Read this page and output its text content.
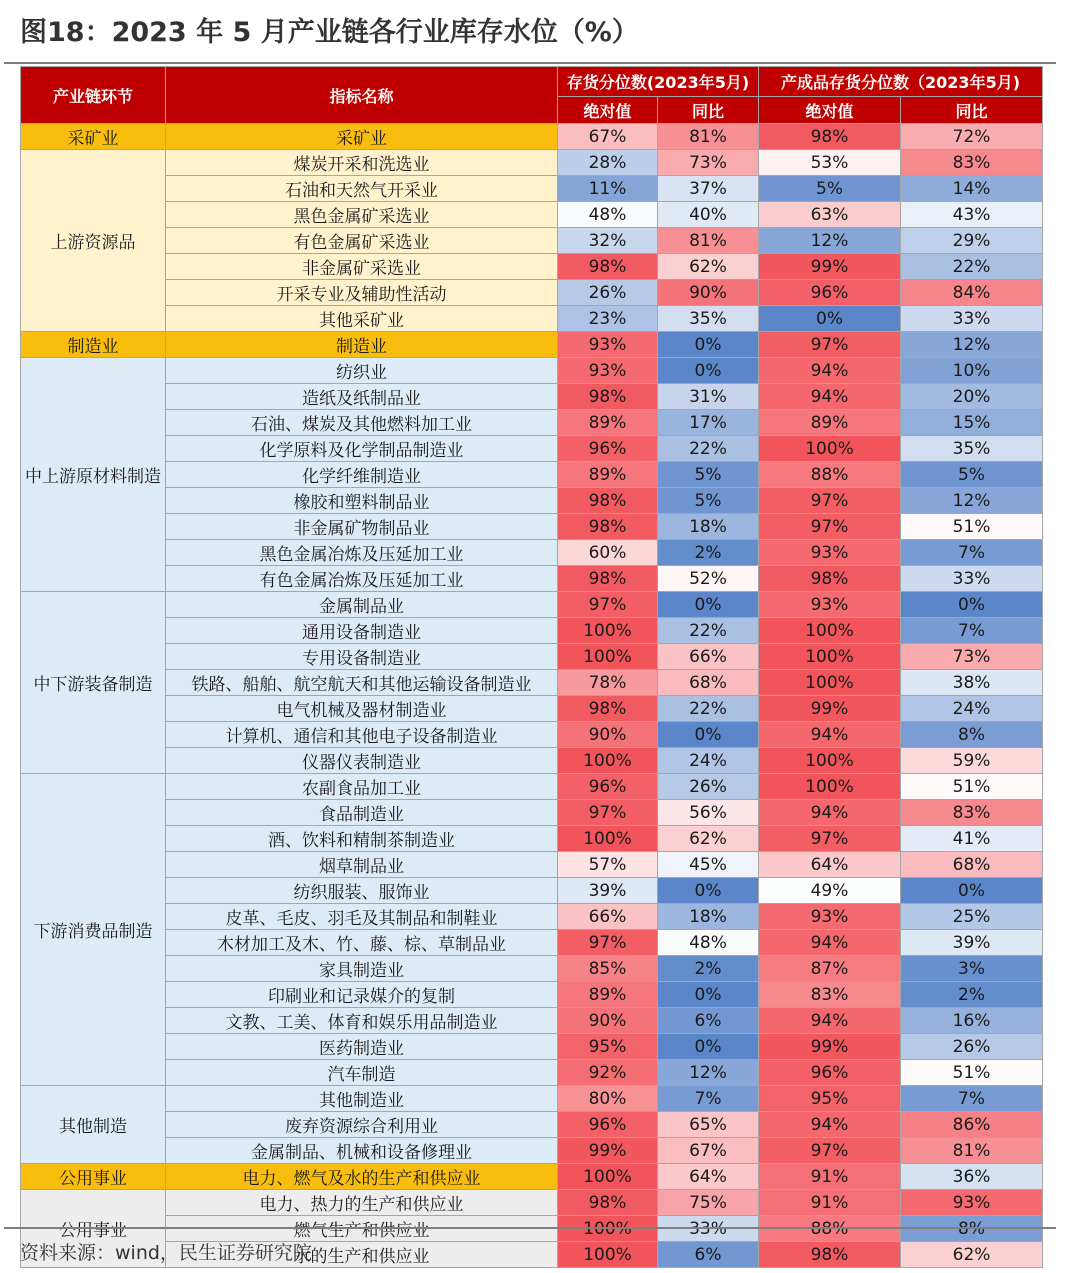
图18：2023 年 5 月产业链各行业库存水位（%）
产业链环节	指标名称	存货分位数(2023年5月)		产成品存货分位数（2023年5月)	
		绝对值	同比	绝对值	同比
采矿业	采矿业	67%	81%	98%	72%
上游资源品	煤炭开采和洗选业	28%	73%	53%	83%
	石油和天然气开采业	11%	37%	5%	14%
	黑色金属矿采选业	48%	40%	63%	43%
	有色金属矿采选业	32%	81%	12%	29%
	非金属矿采选业	98%	62%	99%	22%
	开采专业及辅助性活动	26%	90%	96%	84%
	其他采矿业	23%	35%	0%	33%
制造业	制造业	93%	0%	97%	12%
中上游原材料制造	纺织业	93%	0%	94%	10%
	造纸及纸制品业	98%	31%	94%	20%
	石油、煤炭及其他燃料加工业	89%	17%	89%	15%
	化学原料及化学制品制造业	96%	22%	100%	35%
	化学纤维制造业	89%	5%	88%	5%
	橡胶和塑料制品业	98%	5%	97%	12%
	非金属矿物制品业	98%	18%	97%	51%
	黑色金属冶炼及压延加工业	60%	2%	93%	7%
	有色金属冶炼及压延加工业	98%	52%	98%	33%
中下游装备制造	金属制品业	97%	0%	93%	0%
	通用设备制造业	100%	22%	100%	7%
	专用设备制造业	100%	66%	100%	73%
	铁路、船舶、航空航天和其他运输设备制造业	78%	68%	100%	38%
	电气机械及器材制造业	98%	22%	99%	24%
	计算机、通信和其他电子设备制造业	90%	0%	94%	8%
	仪器仪表制造业	100%	24%	100%	59%
下游消费品制造	农副食品加工业	96%	26%	100%	51%
	食品制造业	97%	56%	94%	83%
	酒、饮料和精制茶制造业	100%	62%	97%	41%
	烟草制品业	57%	45%	64%	68%
	纺织服装、服饰业	39%	0%	49%	0%
	皮革、毛皮、羽毛及其制品和制鞋业	66%	18%	93%	25%
	木材加工及木、竹、藤、棕、草制品业	97%	48%	94%	39%
	家具制造业	85%	2%	87%	3%
	印刷业和记录媒介的复制	89%	0%	83%	2%
	文教、工美、体育和娱乐用品制造业	90%	6%	94%	16%
	医药制造业	95%	0%	99%	26%
	汽车制造	92%	12%	96%	51%
其他制造	其他制造业	80%	7%	95%	7%
	废弃资源综合利用业	96%	65%	94%	86%
	金属制品、机械和设备修理业	99%	67%	97%	81%
公用事业	电力、燃气及水的生产和供应业	100%	64%	91%	36%
公用事业	电力、热力的生产和供应业	98%	75%	91%	93%
	燃气生产和供应业	100%	33%	88%	8%
	水的生产和供应业	100%	6%	98%	62%
资料来源：wind，民生证券研究院
